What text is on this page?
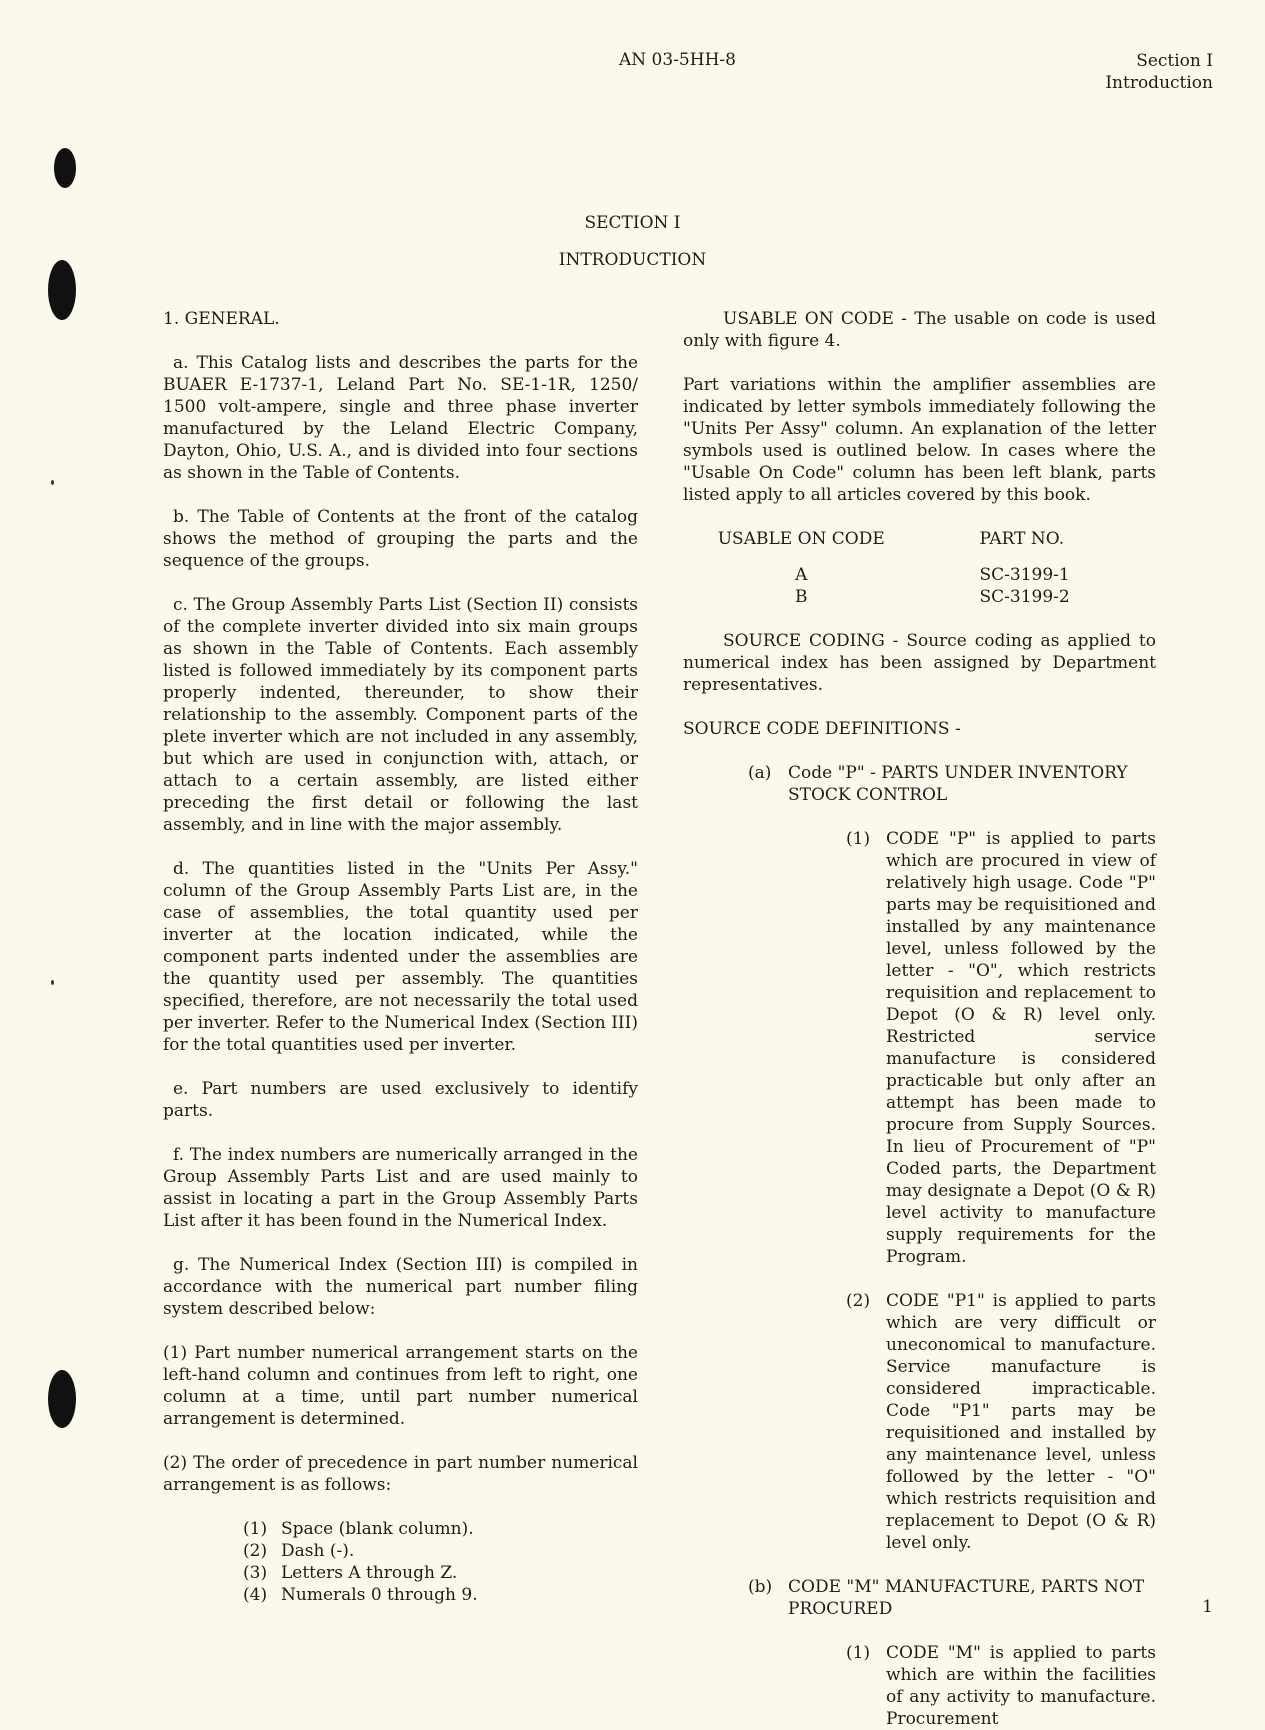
AN 03-5HH-8	Section I
Introduction
SECTION I
INTRODUCTION

1. GENERAL.

a. This Catalog lists and describes the parts for the BUAER E-1737-1, Leland Part No. SE-1-1R, 1250/ 1500 volt-ampere, single and three phase inverter manufactured by the Leland Electric Company, Dayton, Ohio, U.S. A., and is divided into four sections as shown in the Table of Contents.

b. The Table of Contents at the front of the catalog shows the method of grouping the parts and the sequence of the groups.

c. The Group Assembly Parts List (Section II) consists of the complete inverter divided into six main groups as shown in the Table of Contents. Each assembly listed is followed immediately by its component parts properly indented, thereunder, to show their relationship to the assembly. Component parts of the plete inverter which are not included in any assembly, but which are used in conjunction with, attach, or attach to a certain assembly, are listed either preceding the first detail or following the last assembly, and in line with the major assembly.

d. The quantities listed in the "Units Per Assy." column of the Group Assembly Parts List are, in the case of assemblies, the total quantity used per inverter at the location indicated, while the component parts indented under the assemblies are the quantity used per assembly. The quantities specified, therefore, are not necessarily the total used per inverter. Refer to the Numerical Index (Section III) for the total quantities used per inverter.

e. Part numbers are used exclusively to identify parts.

f. The index numbers are numerically arranged in the Group Assembly Parts List and are used mainly to assist in locating a part in the Group Assembly Parts List after it has been found in the Numerical Index.

g. The Numerical Index (Section III) is compiled in accordance with the numerical part number filing system described below:

(1) Part number numerical arrangement starts on the left-hand column and continues from left to right, one column at a time, until part number numerical arrangement is determined.

(2) The order of precedence in part number numerical arrangement is as follows:

(1) Space (blank column).
(2) Dash (-).
(3) Letters A through Z.
(4) Numerals 0 through 9.

USABLE ON CODE - The usable on code is used only with figure 4.

Part variations within the amplifier assemblies are indicated by letter symbols immediately following the "Units Per Assy" column. An explanation of the letter symbols used is outlined below. In cases where the "Usable On Code" column has been left blank, parts listed apply to all articles covered by this book.

USABLE ON CODE	PART NO.
A	SC-3199-1
B	SC-3199-2

SOURCE CODING - Source coding as applied to numerical index has been assigned by Department representatives.

SOURCE CODE DEFINITIONS -

(a) Code "P" - PARTS UNDER INVENTORY STOCK CONTROL
(1) CODE "P" is applied to parts which are procured in view of relatively high usage. Code "P" parts may be requisitioned and installed by any maintenance level, unless followed by the letter - "O", which restricts requisition and replacement to Depot (O & R) level only. Restricted service manufacture is considered practicable but only after an attempt has been made to procure from Supply Sources. In lieu of Procurement of "P" Coded parts, the Department may designate a Depot (O & R) level activity to manufacture supply requirements for the Program.
(2) CODE "P1" is applied to parts which are very difficult or uneconomical to manufacture. Service manufacture is considered impracticable. Code "P1" parts may be requisitioned and installed by any maintenance level, unless followed by the letter - "O" which restricts requisition and replacement to Depot (O & R) level only.
(b) CODE "M" MANUFACTURE, PARTS NOT PROCURED
(1) CODE "M" is applied to parts which are within the facilities of any activity to manufacture. Procurement
1
